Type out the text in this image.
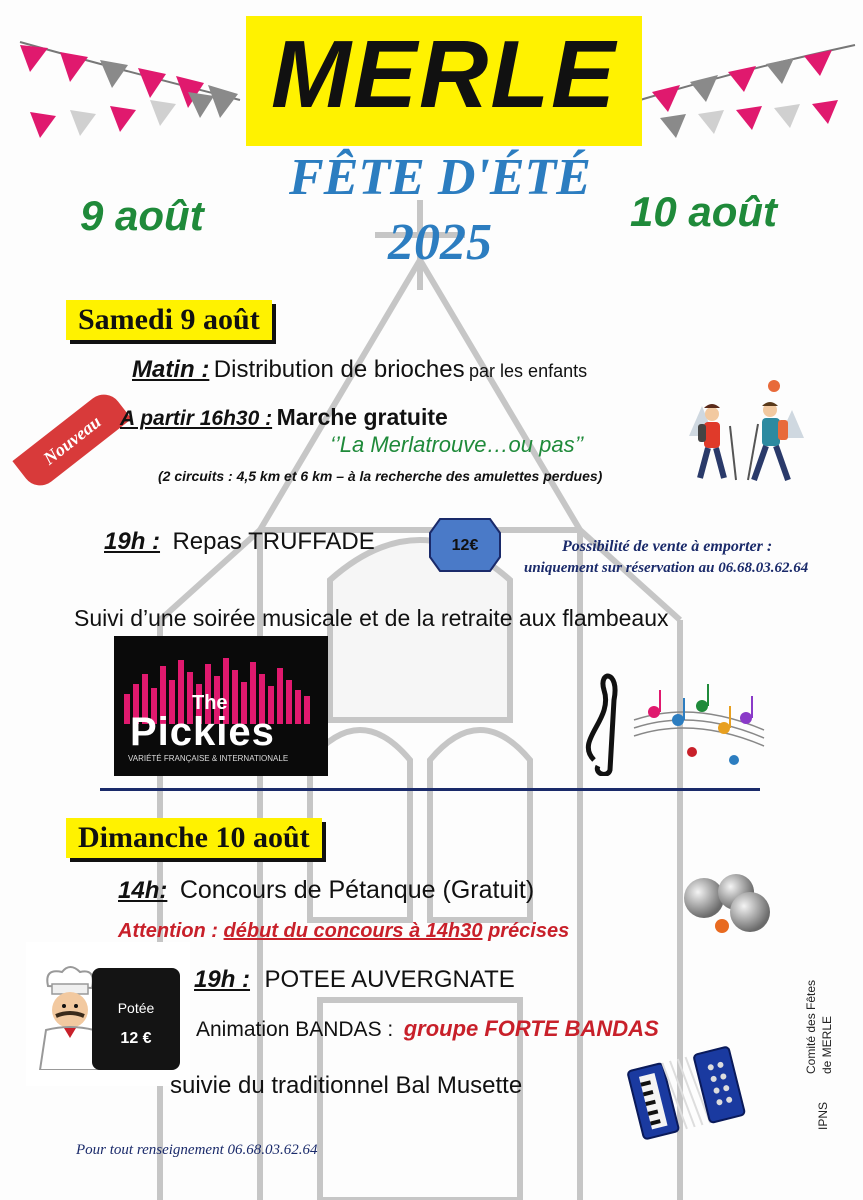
MERLE
FÊTE D'ÉTÉ
2025
9 août	10 août
Samedi 9 août
Matin : Distribution de brioches par les enfants
Nouveau A partir 16h30 : Marche gratuite
‘’La Merlatrouve…ou pas’’
(2 circuits : 4,5 km et 6 km – à la recherche des amulettes perdues)
19h : Repas TRUFFADE	12€	Possibilité de vente à emporter :
uniquement sur réservation au 06.68.03.62.64
Suivi d’une soirée musicale et de la retraite aux flambeaux
The
Pickies
VARIÉTÉ FRANÇAISE & INTERNATIONALE
Dimanche 10 août
14h: Concours de Pétanque (Gratuit)
Attention : début du concours à 14h30 précises
Potée
12 €
19h : POTEE AUVERGNATE
Animation BANDAS : groupe FORTE BANDAS
suivie du traditionnel Bal Musette
Pour tout renseignement 06.68.03.62.64
IPNS
Comité des Fêtes de MERLE
